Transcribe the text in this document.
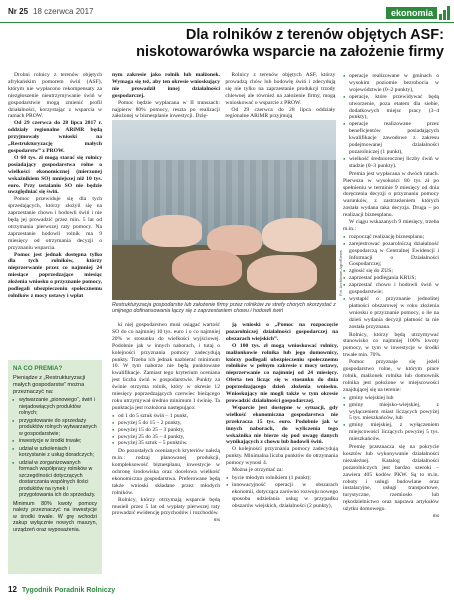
Nr 25 18 czerwca 2017	ekonomia
Dla rolników z terenów objętych ASF:
niskotowarówka wsparcie na założenie firmy

Drobni rolnicy z terenów objętych afrykańskim pomorem świń (ASF), którym nie wypłacono rekompensaty za niezgłoszenie nieutrzymywanie świń w gospodarstwie mogą zmienić profil działalności, korzystając z wsparcia w ramach PROW.

Od 29 czerwca do 28 lipca 2017 r. oddziały regionalne ARiMR będą przyjmowały wnioski na „Restrukturyzację małych gospodarstw” z PROW.

O 60 tys. zł mogą starać się rolnicy posiadający gospodarstwa rolne o wielkości ekonomicznej (mierzonej wskaźnikiem SO) mniejszej niż 10 tys. euro. Przy ustalaniu SO nie będzie uwzględniać się świń.

Pomoc przewiduje się dla tych sprzedających, którzy złożyli się na zaprzestanie chowu i hodowli świń i nie będą jej prowadzić przez min. 5 lat od otrzymania pierwszej raty pomocy. Na zaprzestanie hodowli rolnik ma 9 miesięcy od otrzymania decyzji o przyznaniu wsparcia.

Pomoc jest jednak dostępna tylko dla tych rolników, którzy nieprzerwanie przez co najmniej 24 miesiące poprzedzające miesiąc złożenia wniosku o przyznanie pomocy, podlegali ubezpieczeniu społecznemu rolników z mocy ustawy i wpłat

NA CO PREMIA?
Pieniądze z „Restrukturyzacji małych gospodarstw” można przeznaczyć na:
● wytwarzanie „pionowego”, świń i niejadowiących produktów rolnych;
● przygotowanie do sprzedaży produktów rolnych wytwarzanych w gospodarstwie;
● inwestycje w środki trwałe;
● udział w szkoleniach i korzystanie z usług doradczych;
● udział w zorganizowanych formach współpracy rolników w szczególności dotyczących dostarczania wspólnych ilości produktów na rynek i przygotowania ich do sprzedaży.
Minimum 80% kwoty pomocy należy przeznaczyć na inwestycje w środki trwałe. W grę wchodzi zakup wyłącznie nowych maszyn, urządzeń oraz wyposażenia.

nym zakresie jako rolnik lub małżonek. Wymaga się też, aby ten okresie wnioskujący nie prowadził innej działalności gospodarczej.

Pomoc będzie wypłacana w II transzach: najpierw 80% pomocy, reszta po realizacji założonej w biznesplanie inwestycji. Dzię-

Rolnicy z terenów objętych ASF, którzy prowadzą chów lub hodowlę świń i zdecydują się nie tylko na zaprzestanie produkcji trzody chlewnej ale również na założenie firmy, mogą wnioskować o wsparcie z PROW.

Od 29 czerwca do 28 lipca oddziały regionalne ARiMR przyjmują

Fot. Archiwum AgrofNews
Restrukturyzacja gospodarstw lub założenie firmy przez rolników ze strefy chorych skorzystać z unijnego dofinansowania łączy się z zaprzestaniem chowu i hodowli świń

ki niej gospodarstwo musi osiągać wartość SO do co najmniej 10 tys. euro i o co najmniej 20% w stosunku do wielkości wyjściowej. Podobnie jak w innych naborach, i tutaj o kolejności przyznania pomocy zadecydują punkty. Trzeba ich jednak nazbierać minimum 10. W tym naborze nie będą punktowane kwalifikacje. Zamiast tego kryterium oceniana jest liczba świń w gospodarstwie. Punkty za świnie otrzyma rolnik, który w okresie 12 miesięcy poprzedzających czerwiec bieżącego roku utrzymywał średnio minimum 1 świnię. Ta punktacja jest rozłożona następująco:

● od 1 do 5 sztuk świń – 1 punkt,
● powyżej 5 do 15 – 2 punkty,
● powyżej 15 do 25 – 3 punkty,
● powyżej 25 do 35 – 4 punkty,
● powyżej 35 sztuk – 5 punktów.

Do pozostałych ocenianych kryteriów należą m.in.: rodzaj planowanej produkcji, kompleksowość biznesplanu, inwestycje w ochronę środowiska oraz docelowa wielkość ekonomiczna gospodarstwa. Preferowane będą także wnioski składane przez młodych rolników.

Rolnicy, którzy otrzymają wsparcie będą musieli przez 5 lat od wypłaty pierwszej raty prowadzić ewidencję przychodów i rozchodów.

ms

ją wnioski o „Pomoc na rozpoczęcie pozarolniczej działalności gospodarczej na obszarach wiejskich”.

O 100 tys. zł mogą wnioskować rolnicy, małżonkowie rolnika lub jego domownicy, którzy podlegali ubezpieczeniu społecznemu rolników w pełnym zakresie z mocy ustawy, nieprzerwanie co najmniej od 24 miesięcy. Oferta ten licząc się w stosunku do dnia poprzedzającego dzień złożenia wniosku. Wnioskujący nie mogli także w tym okresie prowadzić działalności gospodarczej.

Wsparcie jest dostępne w sytuacji, gdy wielkość ekonomiczna gospodarstwa nie przekracza 15 tys. euro. Podobnie jak w innych naborach, do wyliczenia tego wskaźnika nie bierze się pod uwagę danych wynikających z chowu lub hodowli świń.

O kolejności przyznania pomocy zadecydują punkty. Minimalna liczba punktów do otrzymania pomocy wynosi 4.

Można je otrzymać za:

● bycie młodym rolnikiem (1 punkt);
● innowacyjność operacji w obszarach ekonomii, dotycząca zarówno rozwoju nowego sposobu udzielania usług w przypadku obszarów wiejskich, działalności (2 punkty),
● operacje realizowane w gminach o wysokim poziomie bezrobocia w województwie (0–2 punkty),
● operacje, które przewidywać będą utworzenie, poza etatem dla siebie, dodatkowych miejsc pracy (3–4 punkty),
● operacje realizowane przez beneficjentów posiadających kwalifikacje zawodowe z zakresu podejmowanej działalności pozarolniczej (1 punkt),
● wielkość średniorocznej liczby świń w stadzie (0–3 punkty).

Premia jest wypłacana w dwóch ratach. Pierwsza w wysokości 80 tys zł po spełnieniu w terminie 9 miesięcy od dnia doręczenia decyzji o przyznaniu pomocy warunków, z zastrzeżeniem których została wydana taka decyzja. Druga – po realizacji biznesplanu.

W ciągu wskazanych 9 miesięcy, trzeba m.in.:

● rozpocząć realizację biznesplanu;
● zarejestrować pozarolniczą działalność gospodarczą w Centralnej Ewidencji i Informacji o Działalności Gospodarczej;
● zgłosić się do ZUS;
● zaprzestać podlegania KRUS;
● zaprzestać chowu i hodowli świń w gospodarstwie;
● wystąpić o przyznanie jednolitej płatności obszarowej w roku złożenia wniosku o przyznanie pomocy, o ile na dzień wydania decyzji płatność ta nie została przyznana.

Rolnicy, którzy będą utrzymywać stanowisko co najmniej 100% kwoty pomocy, w tym w inwestycje w środki trwałe min. 70%.

Pomoc przyznaje się jeżeli gospodarstwo rolne, w którym prace rolnik, małżonek rolnika lub domownik rolnika jest położone w miejscowości znajdującej się na terenie:

● gminy wiejskiej lub
● gminy miejsko-wiejskiej, z wyłączeniem miast liczących powyżej 5 tys. mieszkańców, lub
● gminy miejskiej, z wyłączeniem miejscowości liczących powyżej 5 tys. mieszkańców.

Premię przeznacza się na pokrycie kosztów lub wykonywanie działalności niezależnej. Katalog działalności pozarolniczych jest bardzo szeroki – zawiera 405 kodów PKW. Są to m.in. roboty i usługi budowlane oraz instalacyjne, usługi transportowe, turystyczne, rzemiosło lub rękodzielnictwo oraz naprawa artykułów użytku domowego.

ms
12 Tygodnik Poradnik Rolniczy
